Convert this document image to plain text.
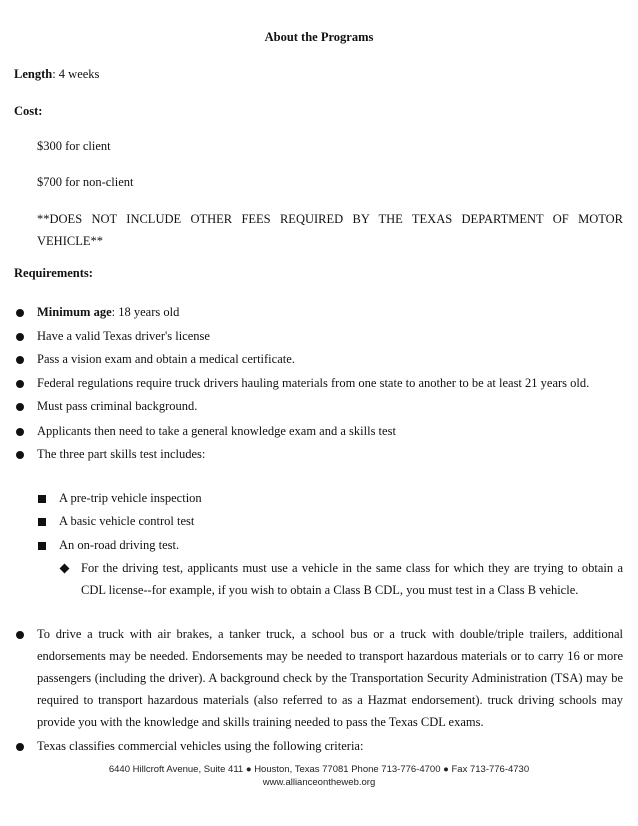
About the Programs
Length: 4 weeks
Cost:
$300 for client
$700 for non-client
**DOES NOT INCLUDE OTHER FEES REQUIRED BY THE TEXAS DEPARTMENT OF MOTOR VEHICLE**
Requirements:
Minimum age: 18 years old
Have a valid Texas driver's license
Pass a vision exam and obtain a medical certificate.
Federal regulations require truck drivers hauling materials from one state to another to be at least 21 years old.
Must pass criminal background.
Applicants then need to take a general knowledge exam and a skills test
The three part skills test includes:
A pre-trip vehicle inspection
A basic vehicle control test
An on-road driving test.
For the driving test, applicants must use a vehicle in the same class for which they are trying to obtain a CDL license--for example, if you wish to obtain a Class B CDL, you must test in a Class B vehicle.
To drive a truck with air brakes, a tanker truck, a school bus or a truck with double/triple trailers, additional endorsements may be needed. Endorsements may be needed to transport hazardous materials or to carry 16 or more passengers (including the driver). A background check by the Transportation Security Administration (TSA) may be required to transport hazardous materials (also referred to as a Hazmat endorsement). truck driving schools may provide you with the knowledge and skills training needed to pass the Texas CDL exams.
Texas classifies commercial vehicles using the following criteria:
6440 Hillcroft Avenue, Suite 411 ● Houston, Texas 77081 Phone 713-776-4700 ● Fax 713-776-4730
www.allianceontheweb.org
